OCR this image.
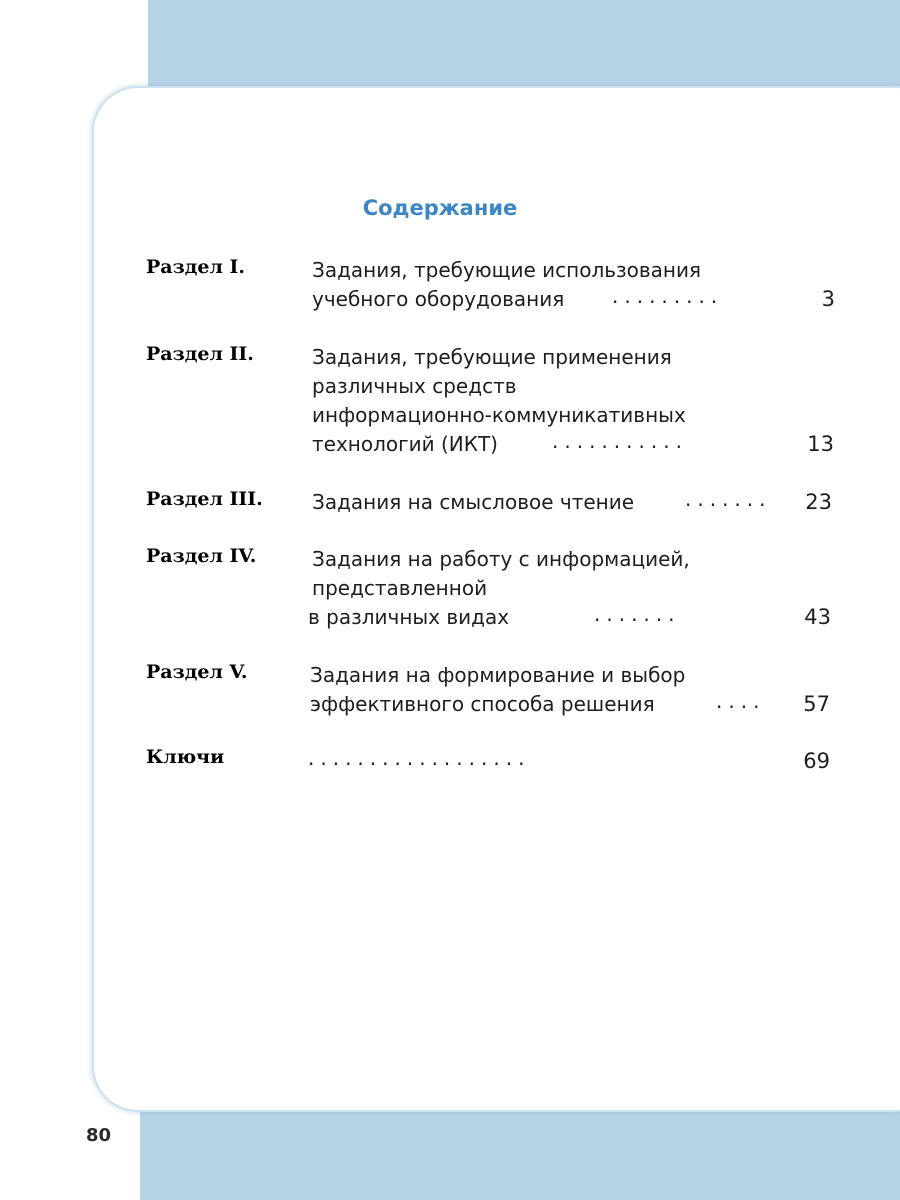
Содержание
Раздел I.	Задания, требующие использования
учебного оборудования .........	3
Раздел II.	Задания, требующие применения
различных средств
информационно-коммуникативных
технологий (ИКТ)	...........	13
Раздел III. Задания на смысловое чтение	.......	23
Раздел IV.	Задания на работу с информацией,
представленной
в различных видах	.......	43
Раздел V.	Задания на формирование и выбор
эффективного способа решения	....	57
Ключи	..................	69
80
